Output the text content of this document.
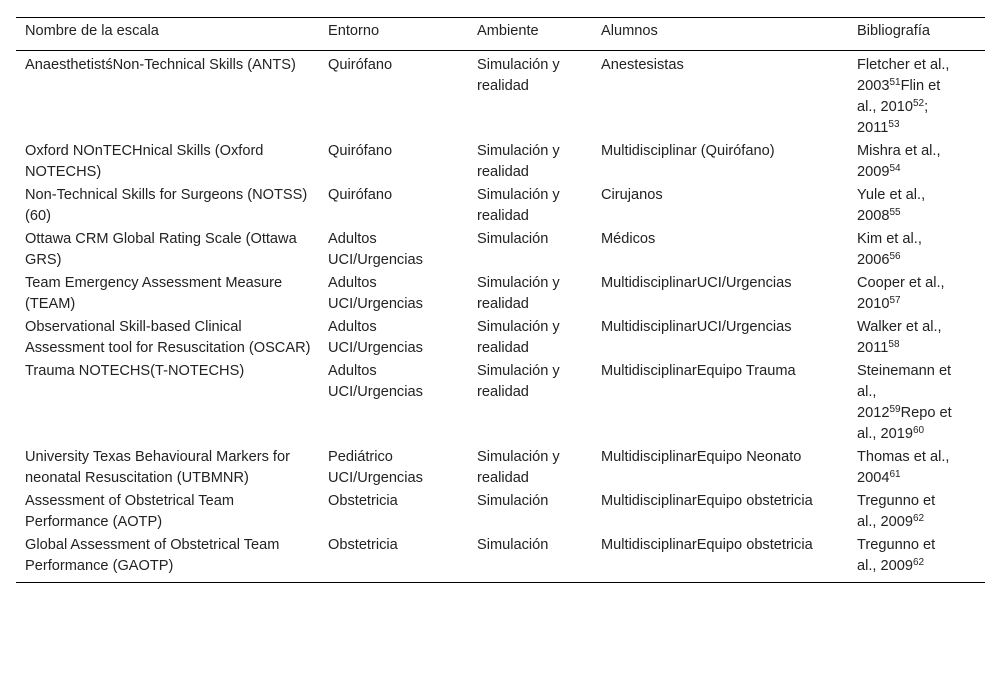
Nombre de la escala	Entorno	Ambiente	Alumnos	Bibliografía
AnaesthetistśNon-Technical Skills (ANTS)	Quirófano	Simulación y realidad	Anestesistas	Fletcher et al., 2003$^{51}$Flin et al., 2010$^{52}$; 2011$^{53}$

Oxford NOnTECHnical Skills (Oxford NOTECHS)	Quirófano	Simulación y realidad	Multidisciplinar (Quirófano)	Mishra et al., 2009$^{54}$

Non-Technical Skills for Surgeons (NOTSS) (60)	Quirófano	Simulación y realidad	Cirujanos	Yule et al., 2008$^{55}$

Ottawa CRM Global Rating Scale (Ottawa GRS)	Adultos UCI/Urgencias	Simulación	Médicos	Kim et al., 2006$^{56}$

Team Emergency Assessment Measure (TEAM)	Adultos UCI/Urgencias	Simulación y realidad	MultidisciplinarUCI/Urgencias	Cooper et al., 2010$^{57}$

Observational Skill-based Clinical Assessment tool for Resuscitation (OSCAR)	Adultos UCI/Urgencias	Simulación y realidad	MultidisciplinarUCI/Urgencias	Walker et al., 2011$^{58}$

Trauma NOTECHS(T-NOTECHS)	Adultos UCI/Urgencias	Simulación y realidad	MultidisciplinarEquipo Trauma	Steinemann et al., 2012$^{59}$Repo et al., 2019$^{60}$

University Texas Behavioural Markers for neonatal Resuscitation (UTBMNR)	Pediátrico UCI/Urgencias	Simulación y realidad	MultidisciplinarEquipo Neonato	Thomas et al., 2004$^{61}$

Assessment of Obstetrical Team Performance (AOTP)	Obstetricia	Simulación	MultidisciplinarEquipo obstetricia	Tregunno et al., 2009$^{62}$

Global Assessment of Obstetrical Team Performance (GAOTP)	Obstetricia	Simulación	MultidisciplinarEquipo obstetricia	Tregunno et al., 2009$^{62}$
